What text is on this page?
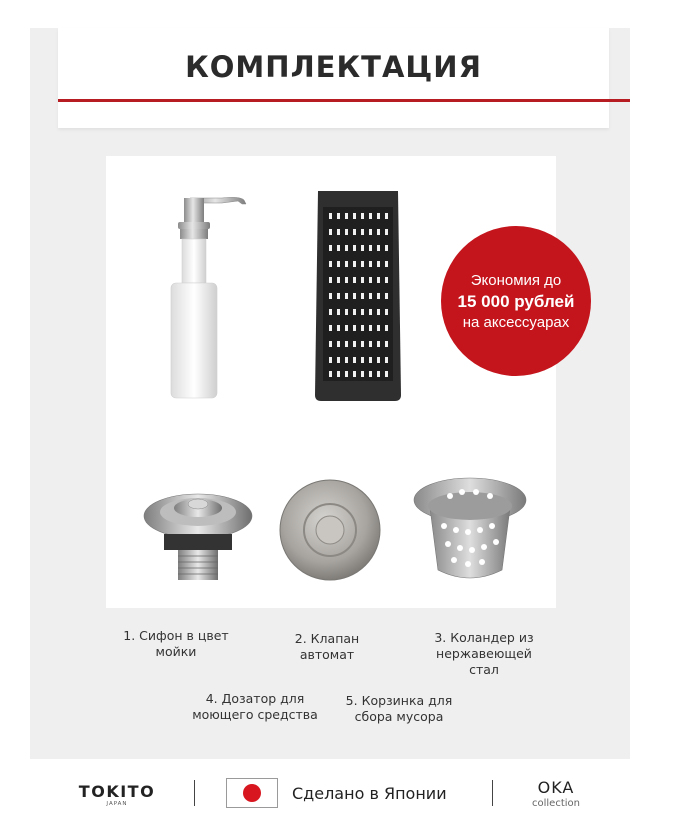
КОМПЛЕКТАЦИЯ
Экономия до
15 000 рублей
на аксессуарах
1. Сифон в цвет
мойки
2. Клапан
автомат
3. Коландер из
нержавеющей
стал
4. Дозатор для
моющего средства
5. Корзинка для
сбора мусора
TOKITO
JAPAN
Сделано в Японии	OKA
collection
